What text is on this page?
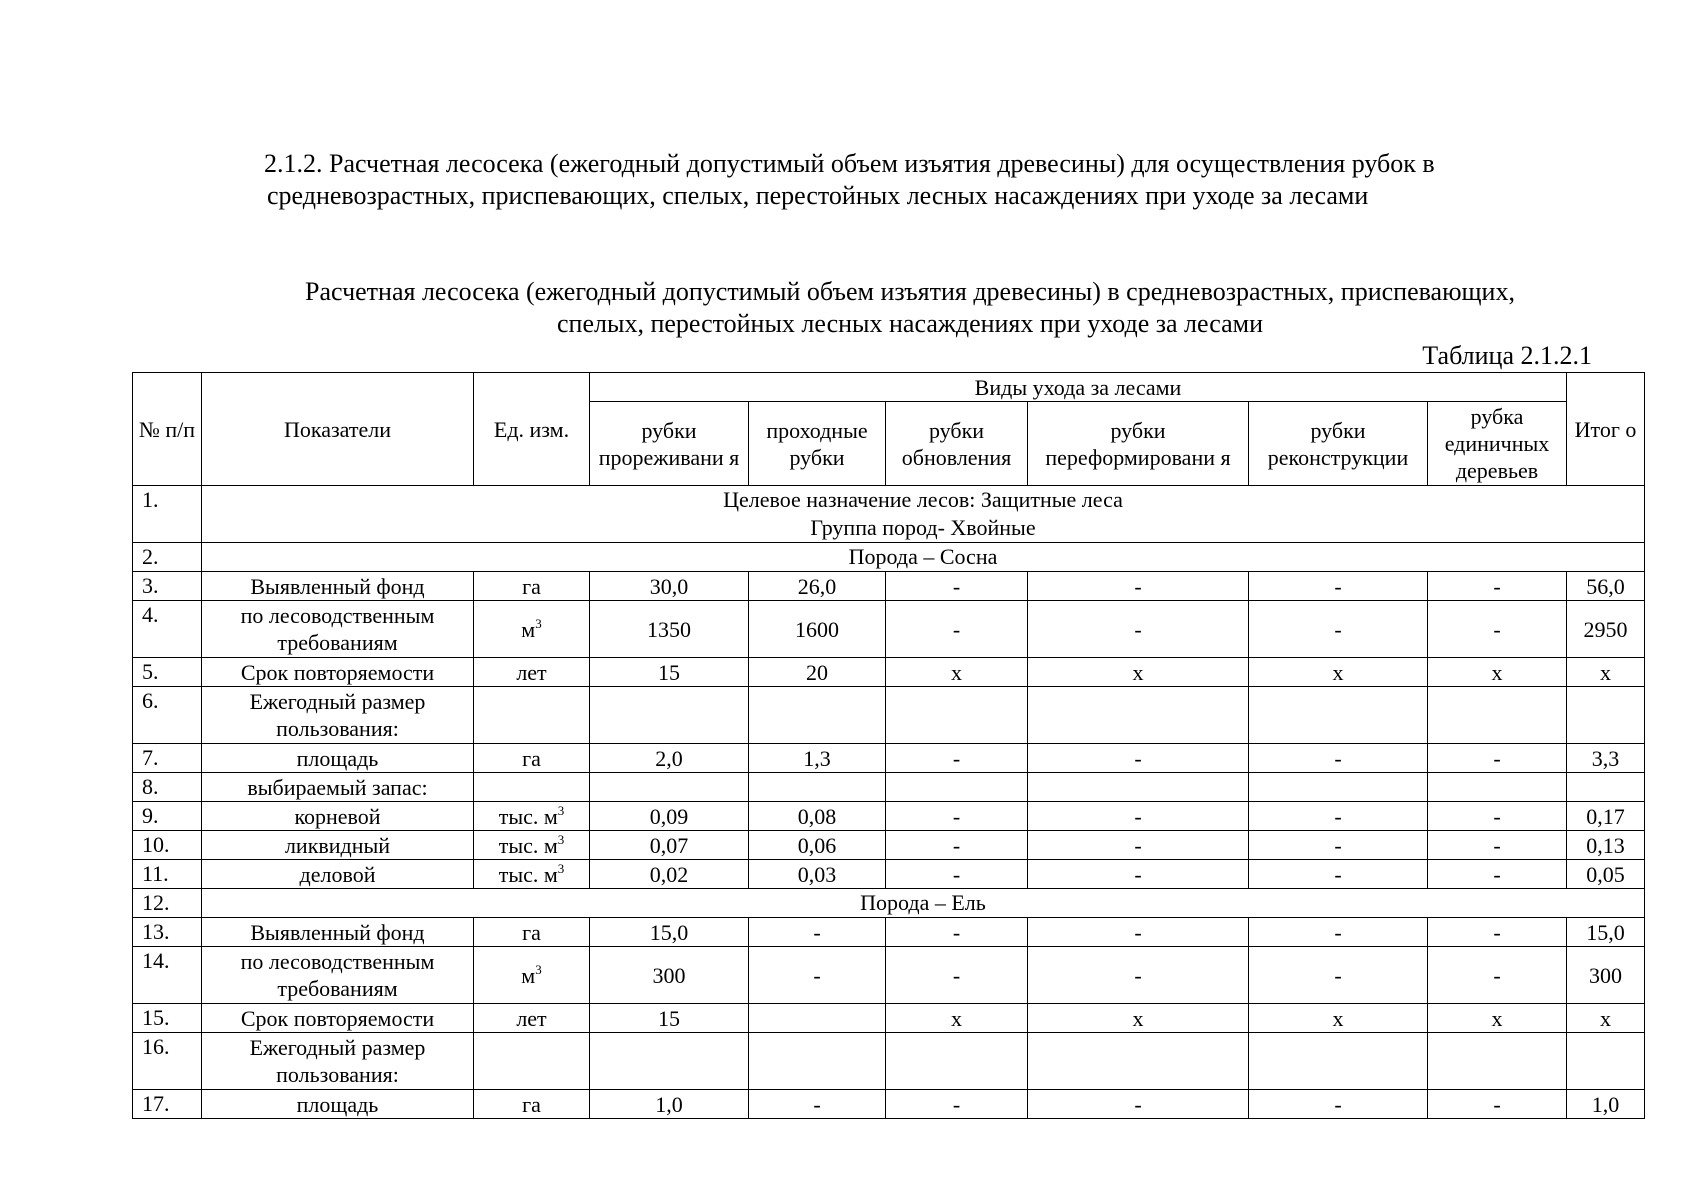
2.1.2. Расчетная лесосека (ежегодный допустимый объем изъятия древесины) для осуществления рубок в
средневозрастных, приспевающих, спелых, перестойных лесных насаждениях при уходе за лесами
Расчетная лесосека (ежегодный допустимый объем изъятия древесины) в средневозрастных, приспевающих,
спелых, перестойных лесных насаждениях при уходе за лесами
Таблица 2.1.2.1
№ п/п	Показатели	Ед. изм.	Виды ухода за лесами						Итог о
			рубки прореживани я	проходные рубки	рубки обновления	рубки переформировани я	рубки реконструкции	рубка единичных деревьев	
1.	Целевое назначение лесов: Защитные леса
Группа пород- Хвойные								

2.	Порода – Сосна								

3.	Выявленный фонд	га	30,0	26,0	-	-	-	-	56,0
4.	по лесоводственным требованиям	$м^3$	1350	1600	-	-	-	-	2950
5.	Срок повторяемости	лет	15	20	х	х	х	х	х
6.	Ежегодный размер пользования:								
7.	площадь	га	2,0	1,3	-	-	-	-	3,3
8.	выбираемый запас:								
9.	корневой	тыс. $м^3$	0,09	0,08	-	-	-	-	0,17
10.	ликвидный	тыс. $м^3$	0,07	0,06	-	-	-	-	0,13
11.	деловой	тыс. $м^3$	0,02	0,03	-	-	-	-	0,05
12.	Порода – Ель								

13.	Выявленный фонд	га	15,0	-	-	-	-	-	15,0
14.	по лесоводственным требованиям	$м^3$	300	-	-	-	-	-	300
15.	Срок повторяемости	лет	15		х	х	х	х	х
16.	Ежегодный размер пользования:								
17.	площадь	га	1,0	-	-	-	-	-	1,0
